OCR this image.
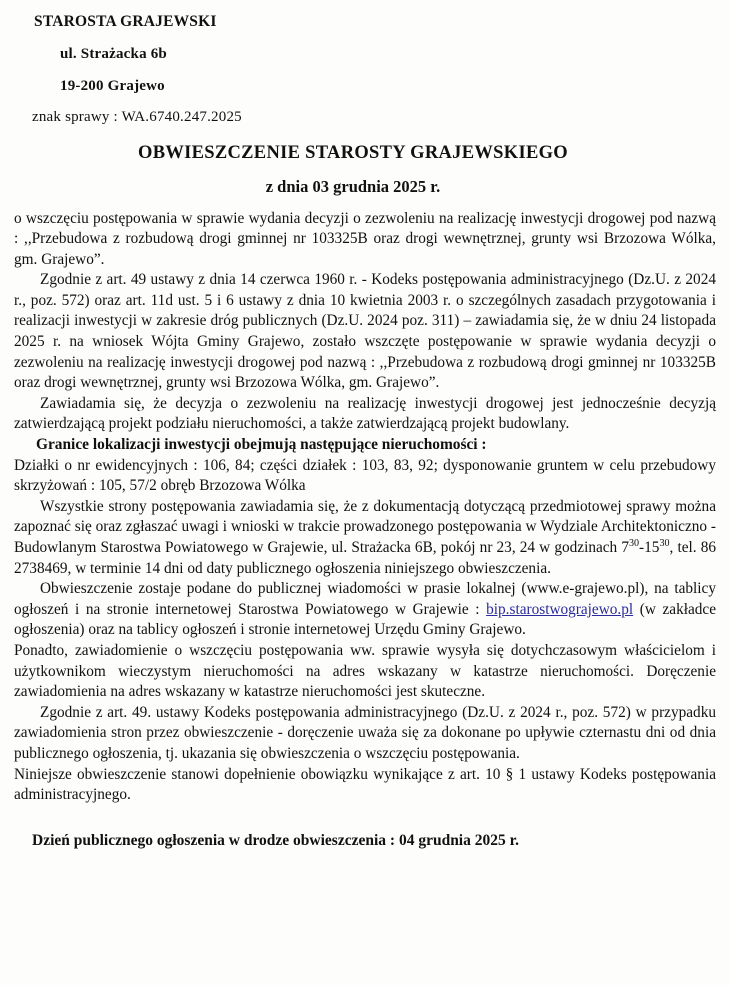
STAROSTA GRAJEWSKI
ul. Strażacka 6b
19-200 Grajewo
znak sprawy : WA.6740.247.2025
OBWIESZCZENIE STAROSTY GRAJEWSKIEGO
z dnia 03 grudnia 2025 r.

o wszczęciu postępowania w sprawie wydania decyzji o zezwoleniu na realizację inwestycji drogowej pod nazwą : ,,Przebudowa z rozbudową drogi gminnej nr 103325B oraz drogi wewnętrznej, grunty wsi Brzozowa Wólka, gm. Grajewo”.

Zgodnie z art. 49 ustawy z dnia 14 czerwca 1960 r. - Kodeks postępowania administracyjnego (Dz.U. z 2024 r., poz. 572) oraz art. 11d ust. 5 i 6 ustawy z dnia 10 kwietnia 2003 r. o szczególnych zasadach przygotowania i realizacji inwestycji w zakresie dróg publicznych (Dz.U. 2024 poz. 311) – zawiadamia się, że w dniu 24 listopada 2025 r. na wniosek Wójta Gminy Grajewo, zostało wszczęte postępowanie w sprawie wydania decyzji o zezwoleniu na realizację inwestycji drogowej pod nazwą : ,,Przebudowa z rozbudową drogi gminnej nr 103325B oraz drogi wewnętrznej, grunty wsi Brzozowa Wólka, gm. Grajewo”.

Zawiadamia się, że decyzja o zezwoleniu na realizację inwestycji drogowej jest jednocześnie decyzją zatwierdzającą projekt podziału nieruchomości, a także zatwierdzającą projekt budowlany.

Granice lokalizacji inwestycji obejmują następujące nieruchomości :

Działki o nr ewidencyjnych : 106, 84; części działek : 103, 83, 92; dysponowanie gruntem w celu przebudowy skrzyżowań : 105, 57/2 obręb Brzozowa Wólka

Wszystkie strony postępowania zawiadamia się, że z dokumentacją dotyczącą przedmiotowej sprawy można zapoznać się oraz zgłaszać uwagi i wnioski w trakcie prowadzonego postępowania w Wydziale Architektoniczno - Budowlanym Starostwa Powiatowego w Grajewie, ul. Strażacka 6B, pokój nr 23, 24 w godzinach $7^{30}-15^{30}$, tel. 86 2738469, w terminie 14 dni od daty publicznego ogłoszenia niniejszego obwieszczenia.

Obwieszczenie zostaje podane do publicznej wiadomości w prasie lokalnej (www.e-grajewo.pl), na tablicy ogłoszeń i na stronie internetowej Starostwa Powiatowego w Grajewie : bip.starostwograjewo.pl (w zakładce ogłoszenia) oraz na tablicy ogłoszeń i stronie internetowej Urzędu Gminy Grajewo.

Ponadto, zawiadomienie o wszczęciu postępowania ww. sprawie wysyła się dotychczasowym właścicielom i użytkownikom wieczystym nieruchomości na adres wskazany w katastrze nieruchomości. Doręczenie zawiadomienia na adres wskazany w katastrze nieruchomości jest skuteczne.

Zgodnie z art. 49. ustawy Kodeks postępowania administracyjnego (Dz.U. z 2024 r., poz. 572) w przypadku zawiadomienia stron przez obwieszczenie - doręczenie uważa się za dokonane po upływie czternastu dni od dnia publicznego ogłoszenia, tj. ukazania się obwieszczenia o wszczęciu postępowania.

Niniejsze obwieszczenie stanowi dopełnienie obowiązku wynikające z art. 10 § 1 ustawy Kodeks postępowania administracyjnego.

Dzień publicznego ogłoszenia w drodze obwieszczenia : 04 grudnia 2025 r.
